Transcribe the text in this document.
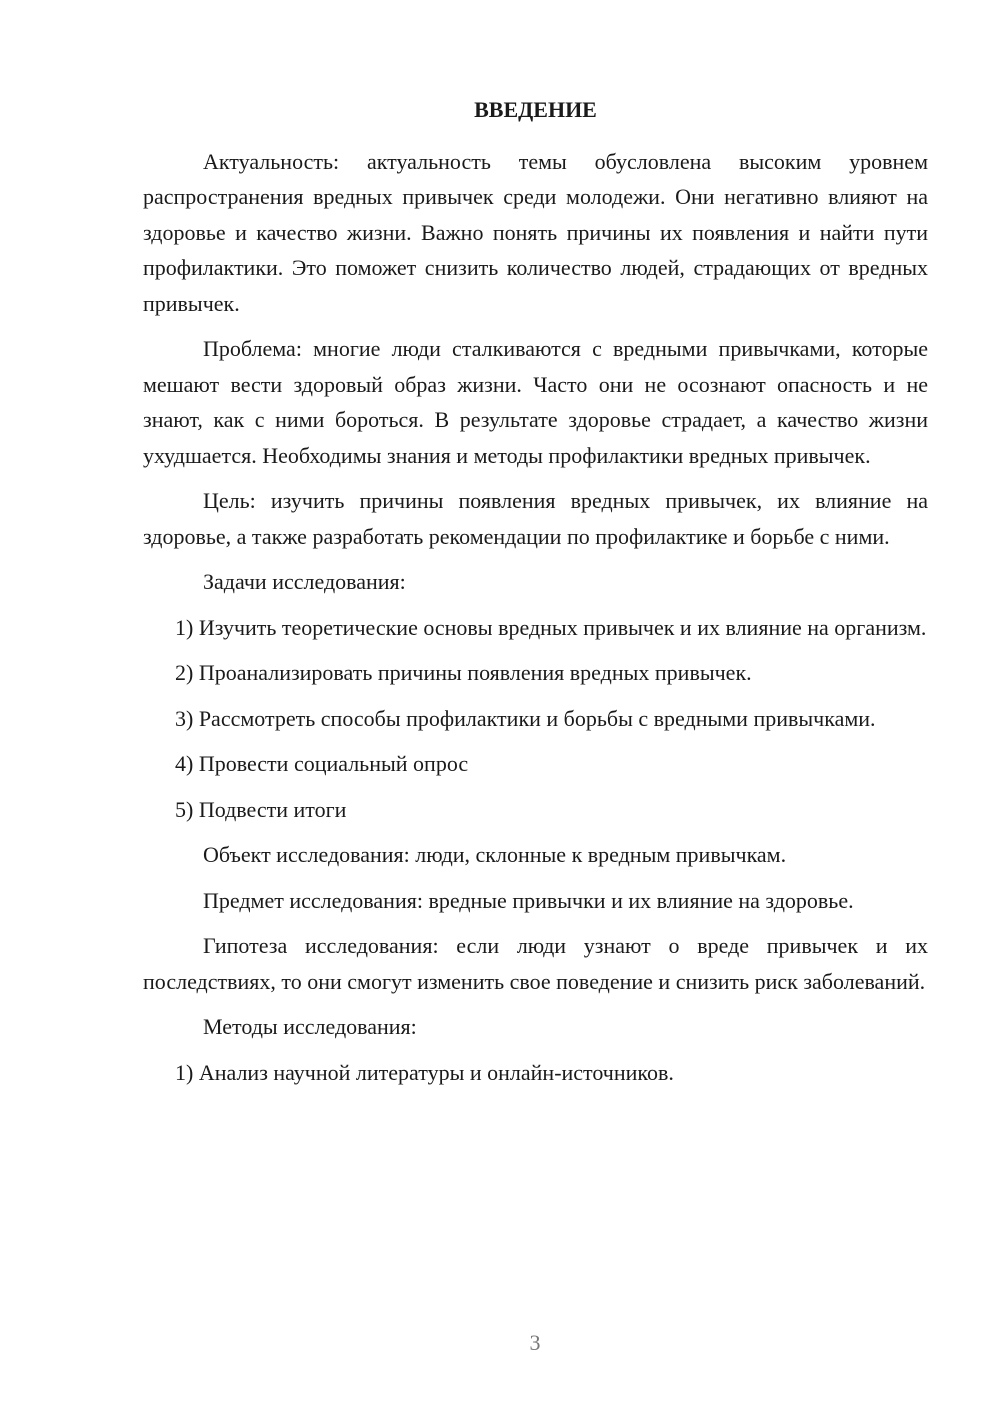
ВВЕДЕНИЕ

Актуальность: актуальность темы обусловлена высоким уровнем распространения вредных привычек среди молодежи. Они негативно влияют на здоровье и качество жизни. Важно понять причины их появления и найти пути профилактики. Это поможет снизить количество людей, страдающих от вредных привычек.

Проблема: многие люди сталкиваются с вредными привычками, которые мешают вести здоровый образ жизни. Часто они не осознают опасность и не знают, как с ними бороться. В результате здоровье страдает, а качество жизни ухудшается. Необходимы знания и методы профилактики вредных привычек.

Цель: изучить причины появления вредных привычек, их влияние на здоровье, а также разработать рекомендации по профилактике и борьбе с ними.

Задачи исследования:

1) Изучить теоретические основы вредных привычек и их влияние на организм.

2) Проанализировать причины появления вредных привычек.

3) Рассмотреть способы профилактики и борьбы с вредными привычками.

4) Провести социальный опрос

5) Подвести итоги

Объект исследования: люди, склонные к вредным привычкам.

Предмет исследования: вредные привычки и их влияние на здоровье.

Гипотеза исследования: если люди узнают о вреде привычек и их последствиях, то они смогут изменить свое поведение и снизить риск заболеваний.

Методы исследования:

1) Анализ научной литературы и онлайн-источников.

3
